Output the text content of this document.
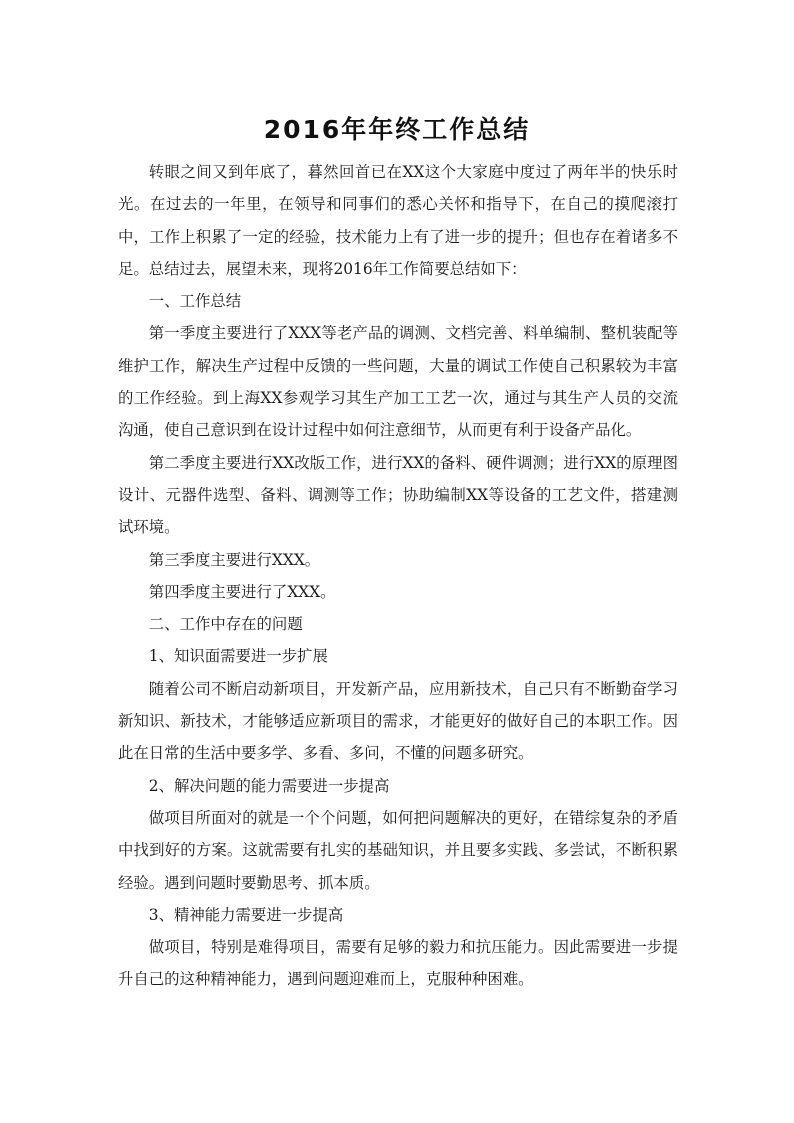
2016年年终工作总结

转眼之间又到年底了，暮然回首已在XX这个大家庭中度过了两年半的快乐时光。在过去的一年里，在领导和同事们的悉心关怀和指导下，在自己的摸爬滚打中，工作上积累了一定的经验，技术能力上有了进一步的提升；但也存在着诸多不足。总结过去，展望未来，现将2016年工作简要总结如下：

一、工作总结

第一季度主要进行了XXX等老产品的调测、文档完善、料单编制、整机装配等维护工作，解决生产过程中反馈的一些问题，大量的调试工作使自己积累较为丰富的工作经验。到上海XX参观学习其生产加工工艺一次，通过与其生产人员的交流沟通，使自己意识到在设计过程中如何注意细节，从而更有利于设备产品化。

第二季度主要进行XX改版工作，进行XX的备料、硬件调测；进行XX的原理图设计、元器件选型、备料、调测等工作；协助编制XX等设备的工艺文件，搭建测试环境。

第三季度主要进行XXX。

第四季度主要进行了XXX。

二、工作中存在的问题

1、知识面需要进一步扩展

随着公司不断启动新项目，开发新产品，应用新技术，自己只有不断勤奋学习新知识、新技术，才能够适应新项目的需求，才能更好的做好自己的本职工作。因此在日常的生活中要多学、多看、多问，不懂的问题多研究。

2、解决问题的能力需要进一步提高

做项目所面对的就是一个个问题，如何把问题解决的更好，在错综复杂的矛盾中找到好的方案。这就需要有扎实的基础知识，并且要多实践、多尝试，不断积累经验。遇到问题时要勤思考、抓本质。

3、精神能力需要进一步提高

做项目，特别是难得项目，需要有足够的毅力和抗压能力。因此需要进一步提升自己的这种精神能力，遇到问题迎难而上，克服种种困难。
